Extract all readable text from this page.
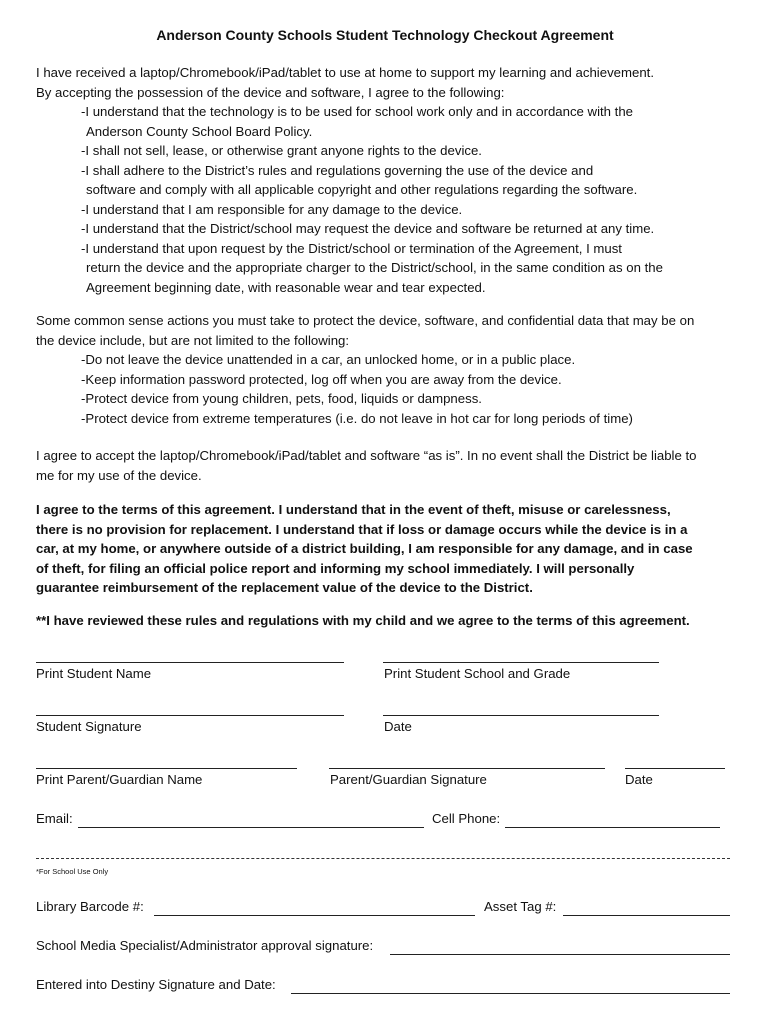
Anderson County Schools Student Technology Checkout Agreement
I have received a laptop/Chromebook/iPad/tablet to use at home to support my learning and achievement.
By accepting the possession of the device and software, I agree to the following:
-I understand that the technology is to be used for school work only and in accordance with the
Anderson County School Board Policy.
-I shall not sell, lease, or otherwise grant anyone rights to the device.
-I shall adhere to the District’s rules and regulations governing the use of the device and
software and comply with all applicable copyright and other regulations regarding the software.
-I understand that I am responsible for any damage to the device.
-I understand that the District/school may request the device and software be returned at any time.
-I understand that upon request by the District/school or termination of the Agreement, I must
return the device and the appropriate charger to the District/school, in the same condition as on the
Agreement beginning date, with reasonable wear and tear expected.
Some common sense actions you must take to protect the device, software, and confidential data that may be on
the device include, but are not limited to the following:
-Do not leave the device unattended in a car, an unlocked home, or in a public place.
-Keep information password protected, log off when you are away from the device.
-Protect device from young children, pets, food, liquids or dampness.
-Protect device from extreme temperatures (i.e. do not leave in hot car for long periods of time)
I agree to accept the laptop/Chromebook/iPad/tablet and software “as is”. In no event shall the District be liable to
me for my use of the device.
I agree to the terms of this agreement. I understand that in the event of theft, misuse or carelessness,
there is no provision for replacement. I understand that if loss or damage occurs while the device is in a
car, at my home, or anywhere outside of a district building, I am responsible for any damage, and in case
of theft, for filing an official police report and informing my school immediately. I will personally
guarantee reimbursement of the replacement value of the device to the District.
**I have reviewed these rules and regulations with my child and we agree to the terms of this agreement.
Print Student Name	Print Student School and Grade
Student Signature	Date
Print Parent/Guardian Name	Parent/Guardian Signature	Date
Email:	Cell Phone:
*For School Use Only
Library Barcode #:	Asset Tag #:
School Media Specialist/Administrator approval signature:
Entered into Destiny Signature and Date:
